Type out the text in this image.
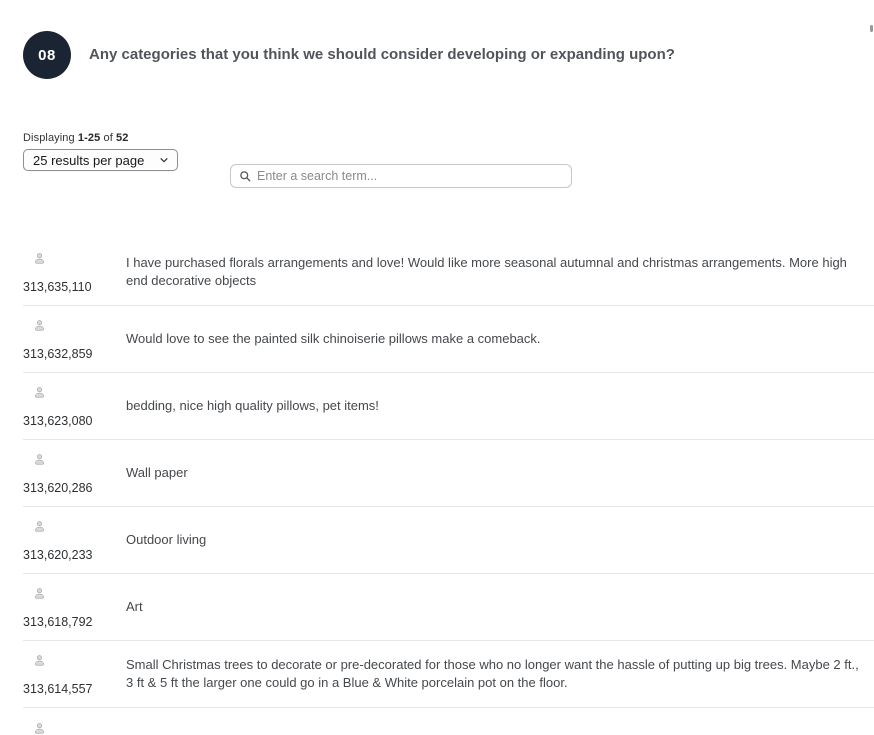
08	Any categories that you think we should consider developing or expanding upon?
Displaying 1-25 of 52
25 results per page
Enter a search term...
313,635,110
I have purchased florals arrangements and love! Would like more seasonal autumnal and christmas arrangements. More high end decorative objects
313,632,859
Would love to see the painted silk chinoiserie pillows make a comeback.
313,623,080
bedding, nice high quality pillows, pet items!
313,620,286
Wall paper
313,620,233
Outdoor living
313,618,792
Art
313,614,557
Small Christmas trees to decorate or pre-decorated for those who no longer want the hassle of putting up big trees. Maybe 2 ft., 3 ft & 5 ft the larger one could go in a Blue & White porcelain pot on the floor.
